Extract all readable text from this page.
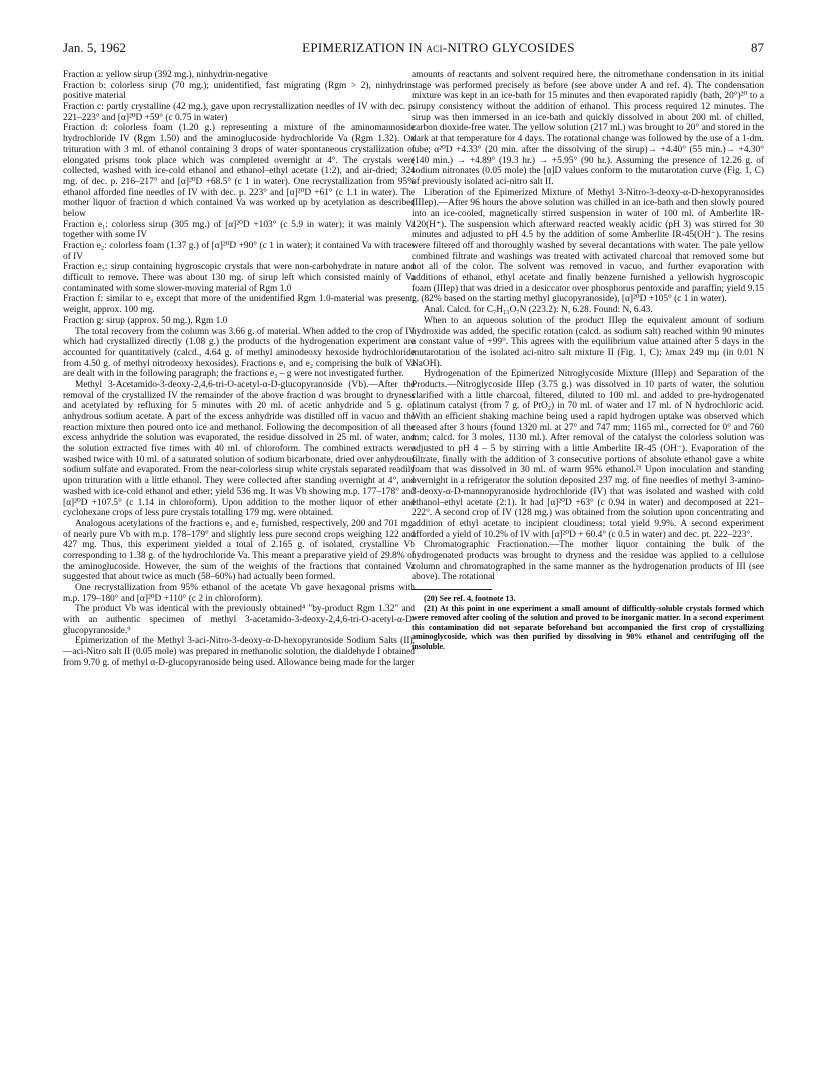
Jan. 5, 1962	EPIMERIZATION IN aci-NITRO GLYCOSIDES	87

Fraction a: yellow sirup (392 mg.), ninhydrin-negative

Fraction b: colorless sirup (70 mg.); unidentified, fast migrating (Rgm > 2), ninhydrin-positive material

Fraction c: partly crystalline (42 mg.), gave upon recrystallization needles of IV with dec. p. 221–223° and [α]²⁰D +59° (c 0.75 in water)

Fraction d: colorless foam (1.20 g.) representing a mixture of the aminomannoside hydrochloride IV (Rgm 1.50) and the aminoglucoside hydrochloride Va (Rgm 1.32). On trituration with 3 ml. of ethanol containing 3 drops of water spontaneous crystallization of elongated prisms took place which was completed overnight at 4°. The crystals were collected, washed with ice-cold ethanol and ethanol–ethyl acetate (1:2), and air-dried; 324 mg. of dec. p. 216–217° and [α]²⁰D +68.5° (c 1 in water). One recrystallization from 95% ethanol afforded fine needles of IV with dec. p. 223° and [α]²⁰D +61° (c 1.1 in water). The mother liquor of fraction d which contained Va was worked up by acetylation as described below

Fraction e₁: colorless sirup (305 mg.) of [α]²⁰D +103° (c 5.9 in water); it was mainly Va together with some IV

Fraction e₂: colorless foam (1.37 g.) of [α]²⁰D +90° (c 1 in water); it contained Va with traces of IV

Fraction e₃: sirup containing hygroscopic crystals that were non-carbohydrate in nature and difficult to remove. There was about 130 mg. of sirup left which consisted mainly of Va contaminated with some slower-moving material of Rgm 1.0

Fraction f: similar to e₃ except that more of the unidentified Rgm 1.0-material was present; weight, approx. 100 mg.

Fraction g: sirup (approx. 50 mg.), Rgm 1.0

The total recovery from the column was 3.66 g. of material. When added to the crop of IV which had crystallized directly (1.08 g.) the products of the hydrogenation experiment are accounted for quantitatively (calcd., 4.64 g. of methyl aminodeoxy hexoside hydrochloride from 4.50 g. of methyl nitrodeoxy hexosides). Fractions e₁ and e₂ comprising the bulk of Va are dealt with in the following paragraph; the fractions e₃ – g were not investigated further.

Methyl 3-Acetamido-3-deoxy-2,4,6-tri-O-acetyl-α-D-glucopyranoside (Vb).—After the removal of the crystallized IV the remainder of the above fraction d was brought to dryness and acetylated by refluxing for 5 minutes with 20 ml. of acetic anhydride and 5 g. of anhydrous sodium acetate. A part of the excess anhydride was distilled off in vacuo and the reaction mixture then poured onto ice and methanol. Following the decomposition of all the excess anhydride the solution was evaporated, the residue dissolved in 25 ml. of water, and the solution extracted five times with 40 ml. of chloroform. The combined extracts were washed twice with 10 ml. of a saturated solution of sodium bicarbonate, dried over anhydrous sodium sulfate and evaporated. From the near-colorless sirup white crystals separated readily upon trituration with a little ethanol. They were collected after standing overnight at 4°, and washed with ice-cold ethanol and ether; yield 536 mg. It was Vb showing m.p. 177–178° and [α]²⁰D +107.5° (c 1.14 in chloroform). Upon addition to the mother liquor of ether and cyclohexane crops of less pure crystals totalling 179 mg. were obtained.

Analogous acetylations of the fractions e₁ and e₂ furnished, respectively, 200 and 701 mg. of nearly pure Vb with m.p. 178–179° and slightly less pure second crops weighing 122 and 427 mg. Thus, this experiment yielded a total of 2.165 g. of isolated, crystalline Vb corresponding to 1.38 g. of the hydrochloride Va. This meant a preparative yield of 29.8% of the aminoglucoside. However, the sum of the weights of the fractions that contained Va suggested that about twice as much (58–60%) had actually been formed.

One recrystallization from 95% ethanol of the acetate Vb gave hexagonal prisms with m.p. 179–180° and [α]²⁰D +110° (c 2 in chloroform).

The product Vb was identical with the previously obtained⁴ "by-product Rgm 1.32" and with an authentic specimen of methyl 3-acetamido-3-deoxy-2,4,6-tri-O-acetyl-α-D-glucopyranoside.⁹

Epimerization of the Methyl 3-aci-Nitro-3-deoxy-α-D-hexopyranoside Sodium Salts (II).—aci-Nitro salt II (0.05 mole) was prepared in methanolic solution, the dialdehyde I obtained from 9.70 g. of methyl α-D-glucopyranoside being used. Allowance being made for the larger

amounts of reactants and solvent required here, the nitromethane condensation in its initial stage was performed precisely as before (see above under A and ref. 4). The condensation mixture was kept in an ice-bath for 15 minutes and then evaporated rapidly (bath, 20°)²⁰ to a sirupy consistency without the addition of ethanol. This process required 12 minutes. The sirup was then immersed in an ice-bath and quickly dissolved in about 200 ml. of chilled, carbon dioxide-free water. The yellow solution (217 ml.) was brought to 20° and stored in the dark at that temperature for 4 days. The rotational change was followed by the use of a 1-dm. tube; α²⁰D +4.33° (20 min. after the dissolving of the sirup)→ +4.40° (55 min.)→ +4.30° (140 min.) → +4.89° (19.3 hr.) → +5.95° (90 hr.). Assuming the presence of 12.26 g. of sodium nitronates (0.05 mole) the [α]D values conform to the mutarotation curve (Fig. 1, C) of previously isolated aci-nitro salt II.

Liberation of the Epimerized Mixture of Methyl 3-Nitro-3-deoxy-α-D-hexopyranosides (IIIep).—After 96 hours the above solution was chilled in an ice-bath and then slowly poured into an ice-cooled, magnetically stirred suspension in water of 100 ml. of Amberlite IR-120(H⁺). The suspension which afterward reacted weakly acidic (pH 3) was stirred for 30 minutes and adjusted to pH 4.5 by the addition of some Amberlite IR-45(OH⁻). The resins were filtered off and thoroughly washed by several decantations with water. The pale yellow combined filtrate and washings was treated with activated charcoal that removed some but not all of the color. The solvent was removed in vacuo, and further evaporation with additions of ethanol, ethyl acetate and finally benzene furnished a yellowish hygroscopic foam (IIIep) that was dried in a desiccator over phosphorus pentoxide and paraffin; yield 9.15 g. (82% based on the starting methyl glucopyranoside), [α]²⁰D +105° (c 1 in water).

Anal. Calcd. for C₇H₁₃O₇N (223.2): N, 6.28. Found: N, 6.43.

When to an aqueous solution of the product IIIep the equivalent amount of sodium hydroxide was added, the specific rotation (calcd. as sodium salt) reached within 90 minutes a constant value of +99°. This agrees with the equilibrium value attained after 5 days in the mutarotation of the isolated aci-nitro salt mixture II (Fig. 1, C); λmax 249 mμ (in 0.01 N NaOH).

Hydrogenation of the Epimerized Nitroglycoside Mixture (IIIep) and Separation of the Products.—Nitroglycoside IIIep (3.75 g.) was dissolved in 10 parts of water, the solution clarified with a little charcoal, filtered, diluted to 100 ml. and added to pre-hydrogenated platinum catalyst (from 7 g. of PtO₂) in 70 ml. of water and 17 ml. of N hydrochloric acid. With an efficient shaking machine being used a rapid hydrogen uptake was observed which ceased after 3 hours (found 1320 ml. at 27° and 747 mm; 1165 ml., corrected for 0° and 760 mm; calcd. for 3 moles, 1130 ml.). After removal of the catalyst the colorless solution was adjusted to pH 4 – 5 by stirring with a little Amberlite IR-45 (OH⁻). Evaporation of the filtrate, finally with the addition of 3 consecutive portions of absolute ethanol gave a white foam that was dissolved in 30 ml. of warm 95% ethanol.²¹ Upon inoculation and standing overnight in a refrigerator the solution deposited 237 mg. of fine needles of methyl 3-amino-3-deoxy-α-D-mannopyranoside hydrochloride (IV) that was isolated and washed with cold ethanol–ethyl acetate (2:1). It had [α]²⁰D +63° (c 0.94 in water) and decomposed at 221–222°. A second crop of IV (128 mg.) was obtained from the solution upon concentrating and addition of ethyl acetate to incipient cloudiness; total yield 9.9%. A second experiment afforded a yield of 10.2% of IV with [α]²⁰D + 60.4° (c 0.5 in water) and dec. pt. 222–223°.

Chromatographic Fractionation.—The mother liquor containing the bulk of the hydrogenated products was brought to dryness and the residue was applied to a cellulose column and chromatographed in the same manner as the hydrogenation products of III (see above). The rotational

(20) See ref. 4, footnote 13.

(21) At this point in one experiment a small amount of difficultly-soluble crystals formed which were removed after cooling of the solution and proved to be inorganic matter. In a second experiment this contamination did not separate beforehand but accompanied the first crop of crystallizing aminoglycoside, which was then purified by dissolving in 90% ethanol and centrifuging off the insoluble.
